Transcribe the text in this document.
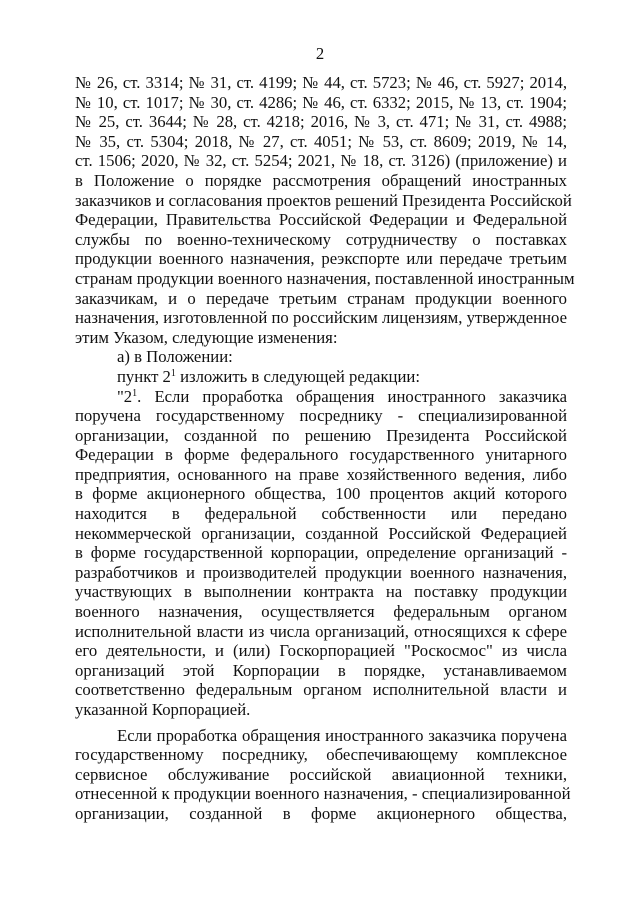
2
№ 26, ст. 3314; № 31, ст. 4199; № 44, ст. 5723; № 46, ст. 5927; 2014,
№ 10, ст. 1017; № 30, ст. 4286; № 46, ст. 6332; 2015, № 13, ст. 1904;
№ 25, ст. 3644; № 28, ст. 4218; 2016, № 3, ст. 471; № 31, ст. 4988;
№ 35, ст. 5304; 2018, № 27, ст. 4051; № 53, ст. 8609; 2019, № 14,
ст. 1506; 2020, № 32, ст. 5254; 2021, № 18, ст. 3126) (приложение) и
в Положение о порядке рассмотрения обращений иностранных
заказчиков и согласования проектов решений Президента Российской
Федерации, Правительства Российской Федерации и Федеральной
службы по военно-техническому сотрудничеству о поставках
продукции военного назначения, реэкспорте или передаче третьим
странам продукции военного назначения, поставленной иностранным
заказчикам, и о передаче третьим странам продукции военного
назначения, изготовленной по российским лицензиям, утвержденное
этим Указом, следующие изменения:
а) в Положении:
пункт $2^1$ изложить в следующей редакции:
"$2^1$. Если проработка обращения иностранного заказчика
поручена государственному посреднику - специализированной
организации, созданной по решению Президента Российской
Федерации в форме федерального государственного унитарного
предприятия, основанного на праве хозяйственного ведения, либо
в форме акционерного общества, 100 процентов акций которого
находится в федеральной собственности или передано
некоммерческой организации, созданной Российской Федерацией
в форме государственной корпорации, определение организаций -
разработчиков и производителей продукции военного назначения,
участвующих в выполнении контракта на поставку продукции
военного назначения, осуществляется федеральным органом
исполнительной власти из числа организаций, относящихся к сфере
его деятельности, и (или) Госкорпорацией "Роскосмос" из числа
организаций этой Корпорации в порядке, устанавливаемом
соответственно федеральным органом исполнительной власти и
указанной Корпорацией.
Если проработка обращения иностранного заказчика поручена
государственному посреднику, обеспечивающему комплексное
сервисное обслуживание российской авиационной техники,
отнесенной к продукции военного назначения, - специализированной
организации, созданной в форме акционерного общества,
